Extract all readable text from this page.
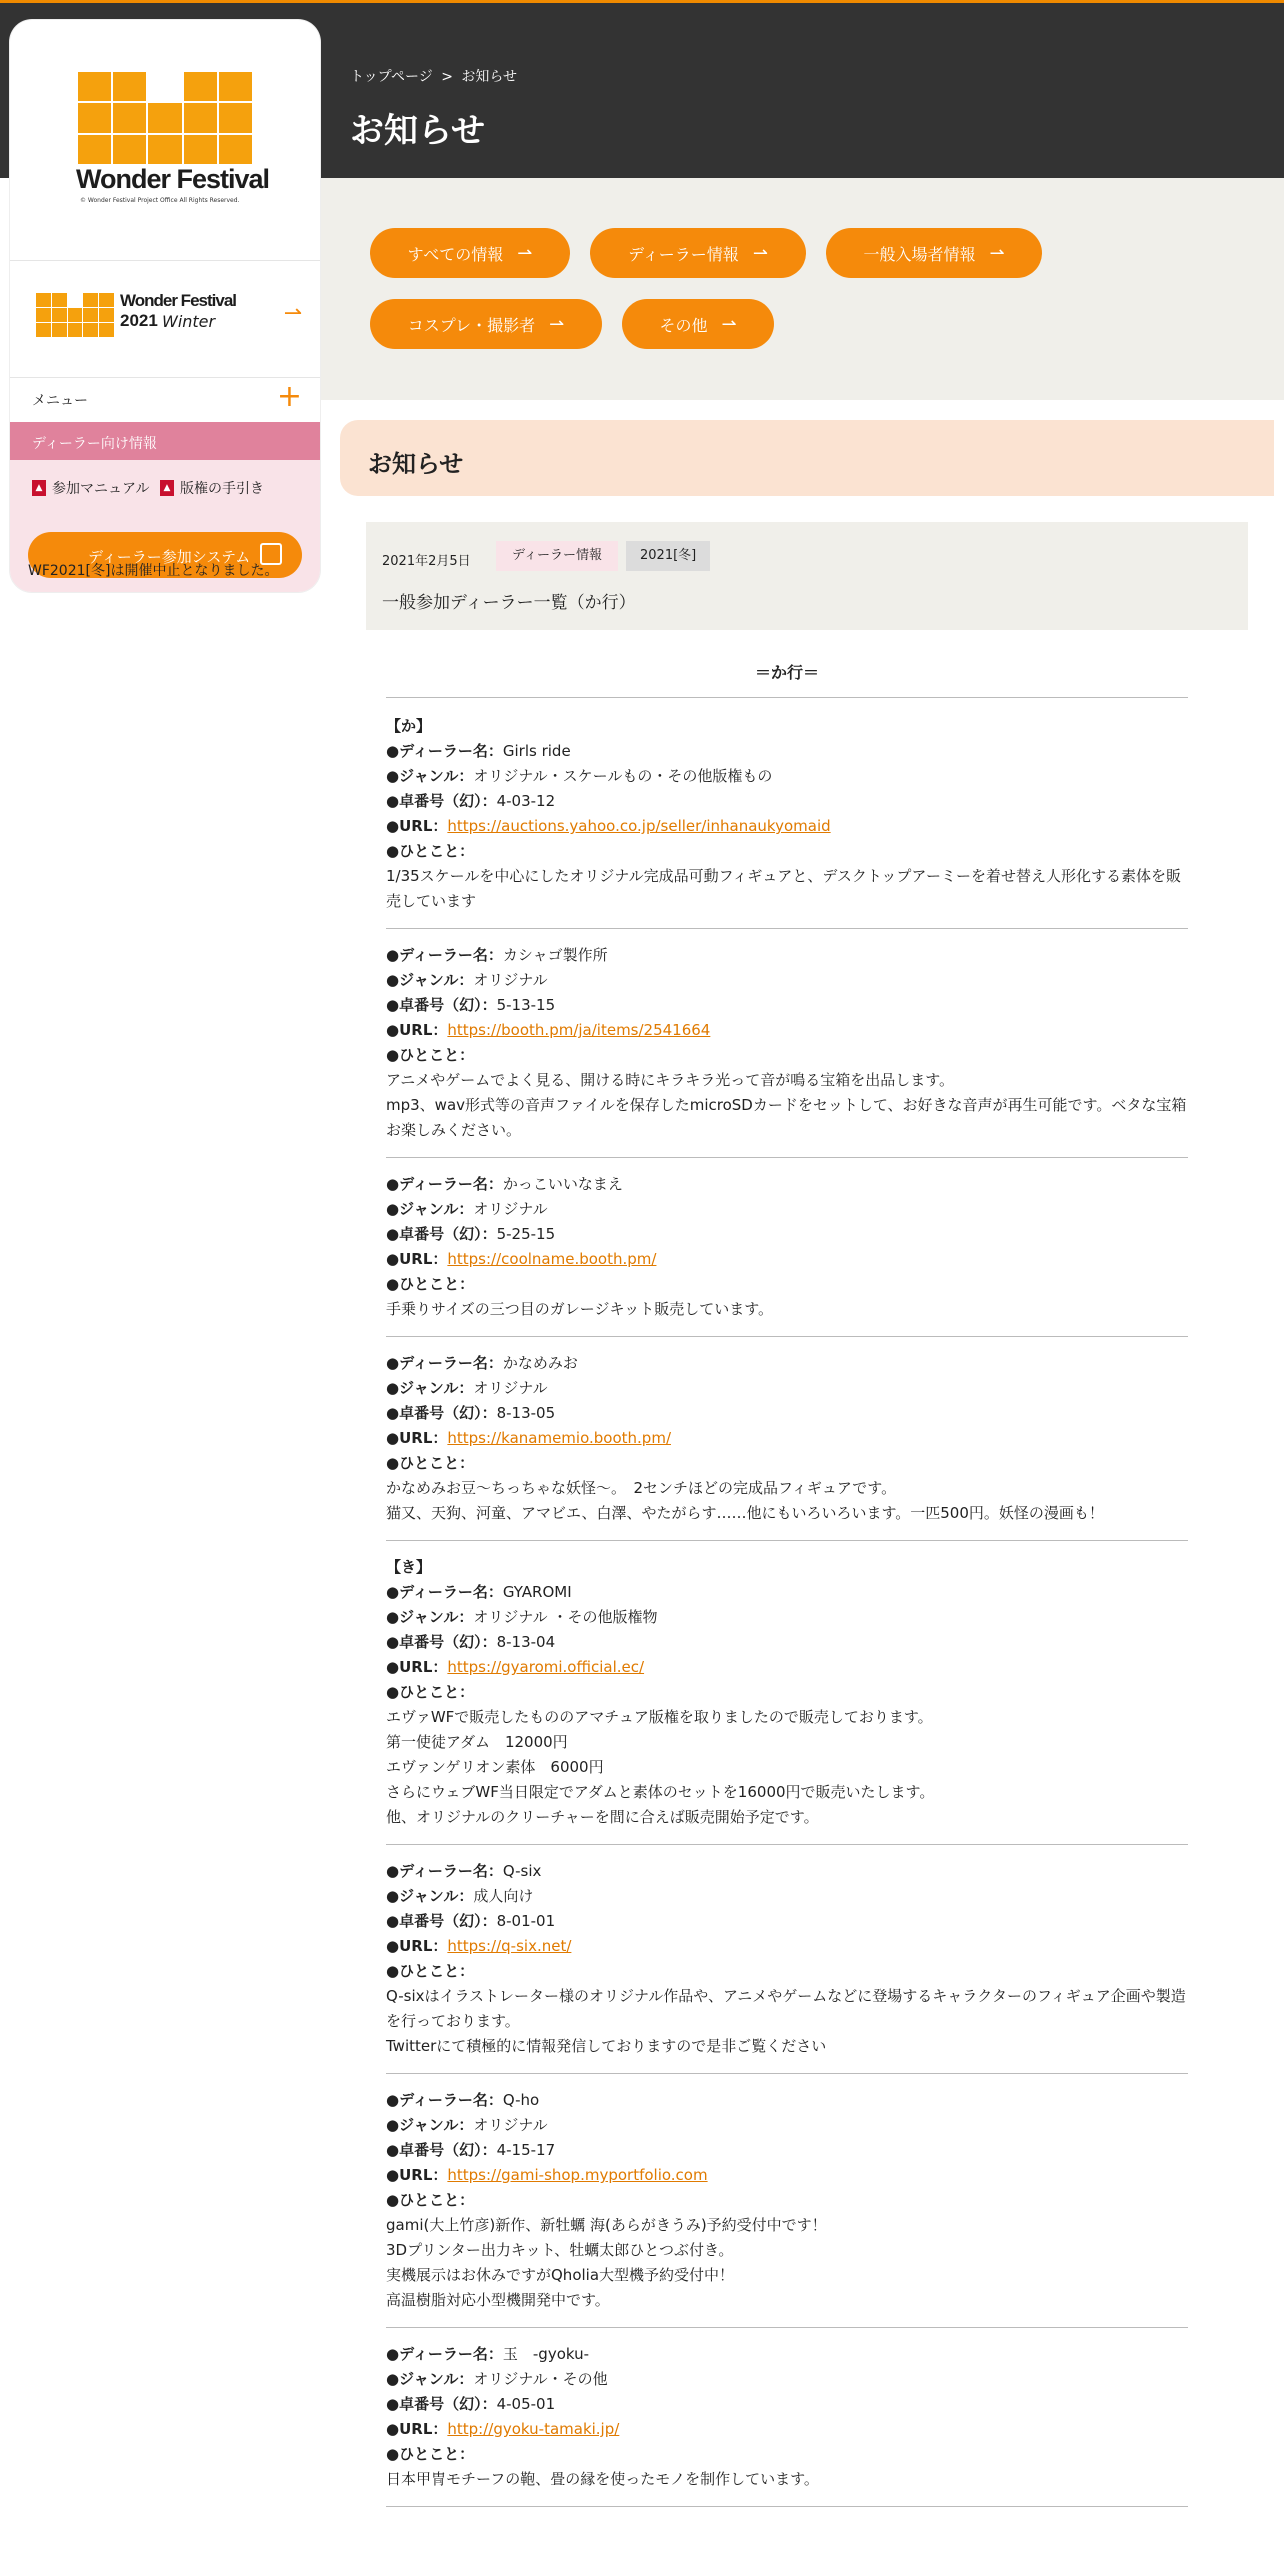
トップページ > お知らせ
お知らせ
すべての情報 ⇀	ディーラー情報 ⇀	一般入場者情報 ⇀
コスプレ・撮影者 ⇀	その他 ⇀
Wonder Festival
© Wonder Festival Project Office All Rights Reserved.
Wonder Festival
2021 Winter	⇀
メニュー	+
ディーラー向け情報
▲ 参加マニュアル	▲ 版権の手引き
ディーラー参加システム
WF2021[冬]は開催中止となりました。
お知らせ
2021年2月5日	ディーラー情報	2021[冬]
一般参加ディーラー一覧（か行）
＝か行＝
【か】
●ディーラー名：Girls ride
●ジャンル：オリジナル・スケールもの・その他版権もの
●卓番号（幻）：4-03-12
●URL：https://auctions.yahoo.co.jp/seller/inhanaukyomaid
●ひとこと：
1/35スケールを中心にしたオリジナル完成品可動フィギュアと、デスクトップアーミーを着せ替え人形化する素体を販売しています
●ディーラー名：カシャゴ製作所
●ジャンル：オリジナル
●卓番号（幻）：5-13-15
●URL：https://booth.pm/ja/items/2541664
●ひとこと：
アニメやゲームでよく見る、開ける時にキラキラ光って音が鳴る宝箱を出品します。
mp3、wav形式等の音声ファイルを保存したmicroSDカードをセットして、お好きな音声が再生可能です。ベタな宝箱お楽しみください。
●ディーラー名：かっこいいなまえ
●ジャンル：オリジナル
●卓番号（幻）：5-25-15
●URL：https://coolname.booth.pm/
●ひとこと：
手乗りサイズの三つ目のガレージキット販売しています。
●ディーラー名：かなめみお
●ジャンル：オリジナル
●卓番号（幻）：8-13-05
●URL：https://kanamemio.booth.pm/
●ひとこと：
かなめみお豆〜ちっちゃな妖怪〜。　2センチほどの完成品フィギュアです。
猫又、天狗、河童、アマビエ、白澤、やたがらす……他にもいろいろいます。一匹500円。妖怪の漫画も！
【き】
●ディーラー名：GYAROMI
●ジャンル：オリジナル ・その他版権物
●卓番号（幻）：8-13-04
●URL：https://gyaromi.official.ec/
●ひとこと：
エヴァWFで販売したもののアマチュア版権を取りましたので販売しております。
第一使徒アダム　12000円
エヴァンゲリオン素体　6000円
さらにウェブWF当日限定でアダムと素体のセットを16000円で販売いたします。
他、オリジナルのクリーチャーを間に合えば販売開始予定です。
●ディーラー名：Q-six
●ジャンル：成人向け
●卓番号（幻）：8-01-01
●URL：https://q-six.net/
●ひとこと：
Q-sixはイラストレーター様のオリジナル作品や、アニメやゲームなどに登場するキャラクターのフィギュア企画や製造を行っております。
Twitterにて積極的に情報発信しておりますので是非ご覧ください
●ディーラー名：Q-ho
●ジャンル：オリジナル
●卓番号（幻）：4-15-17
●URL：https://gami-shop.myportfolio.com
●ひとこと：
gami(大上竹彦)新作、新牡蠣 海(あらがきうみ)予約受付中です！
3Dプリンター出力キット、牡蠣太郎ひとつぶ付き。
実機展示はお休みですがQholia大型機予約受付中！
高温樹脂対応小型機開発中です。
●ディーラー名：玉　-gyoku-
●ジャンル：オリジナル・その他
●卓番号（幻）：4-05-01
●URL：http://gyoku-tamaki.jp/
●ひとこと：
日本甲冑モチーフの鞄、畳の縁を使ったモノを制作しています。
